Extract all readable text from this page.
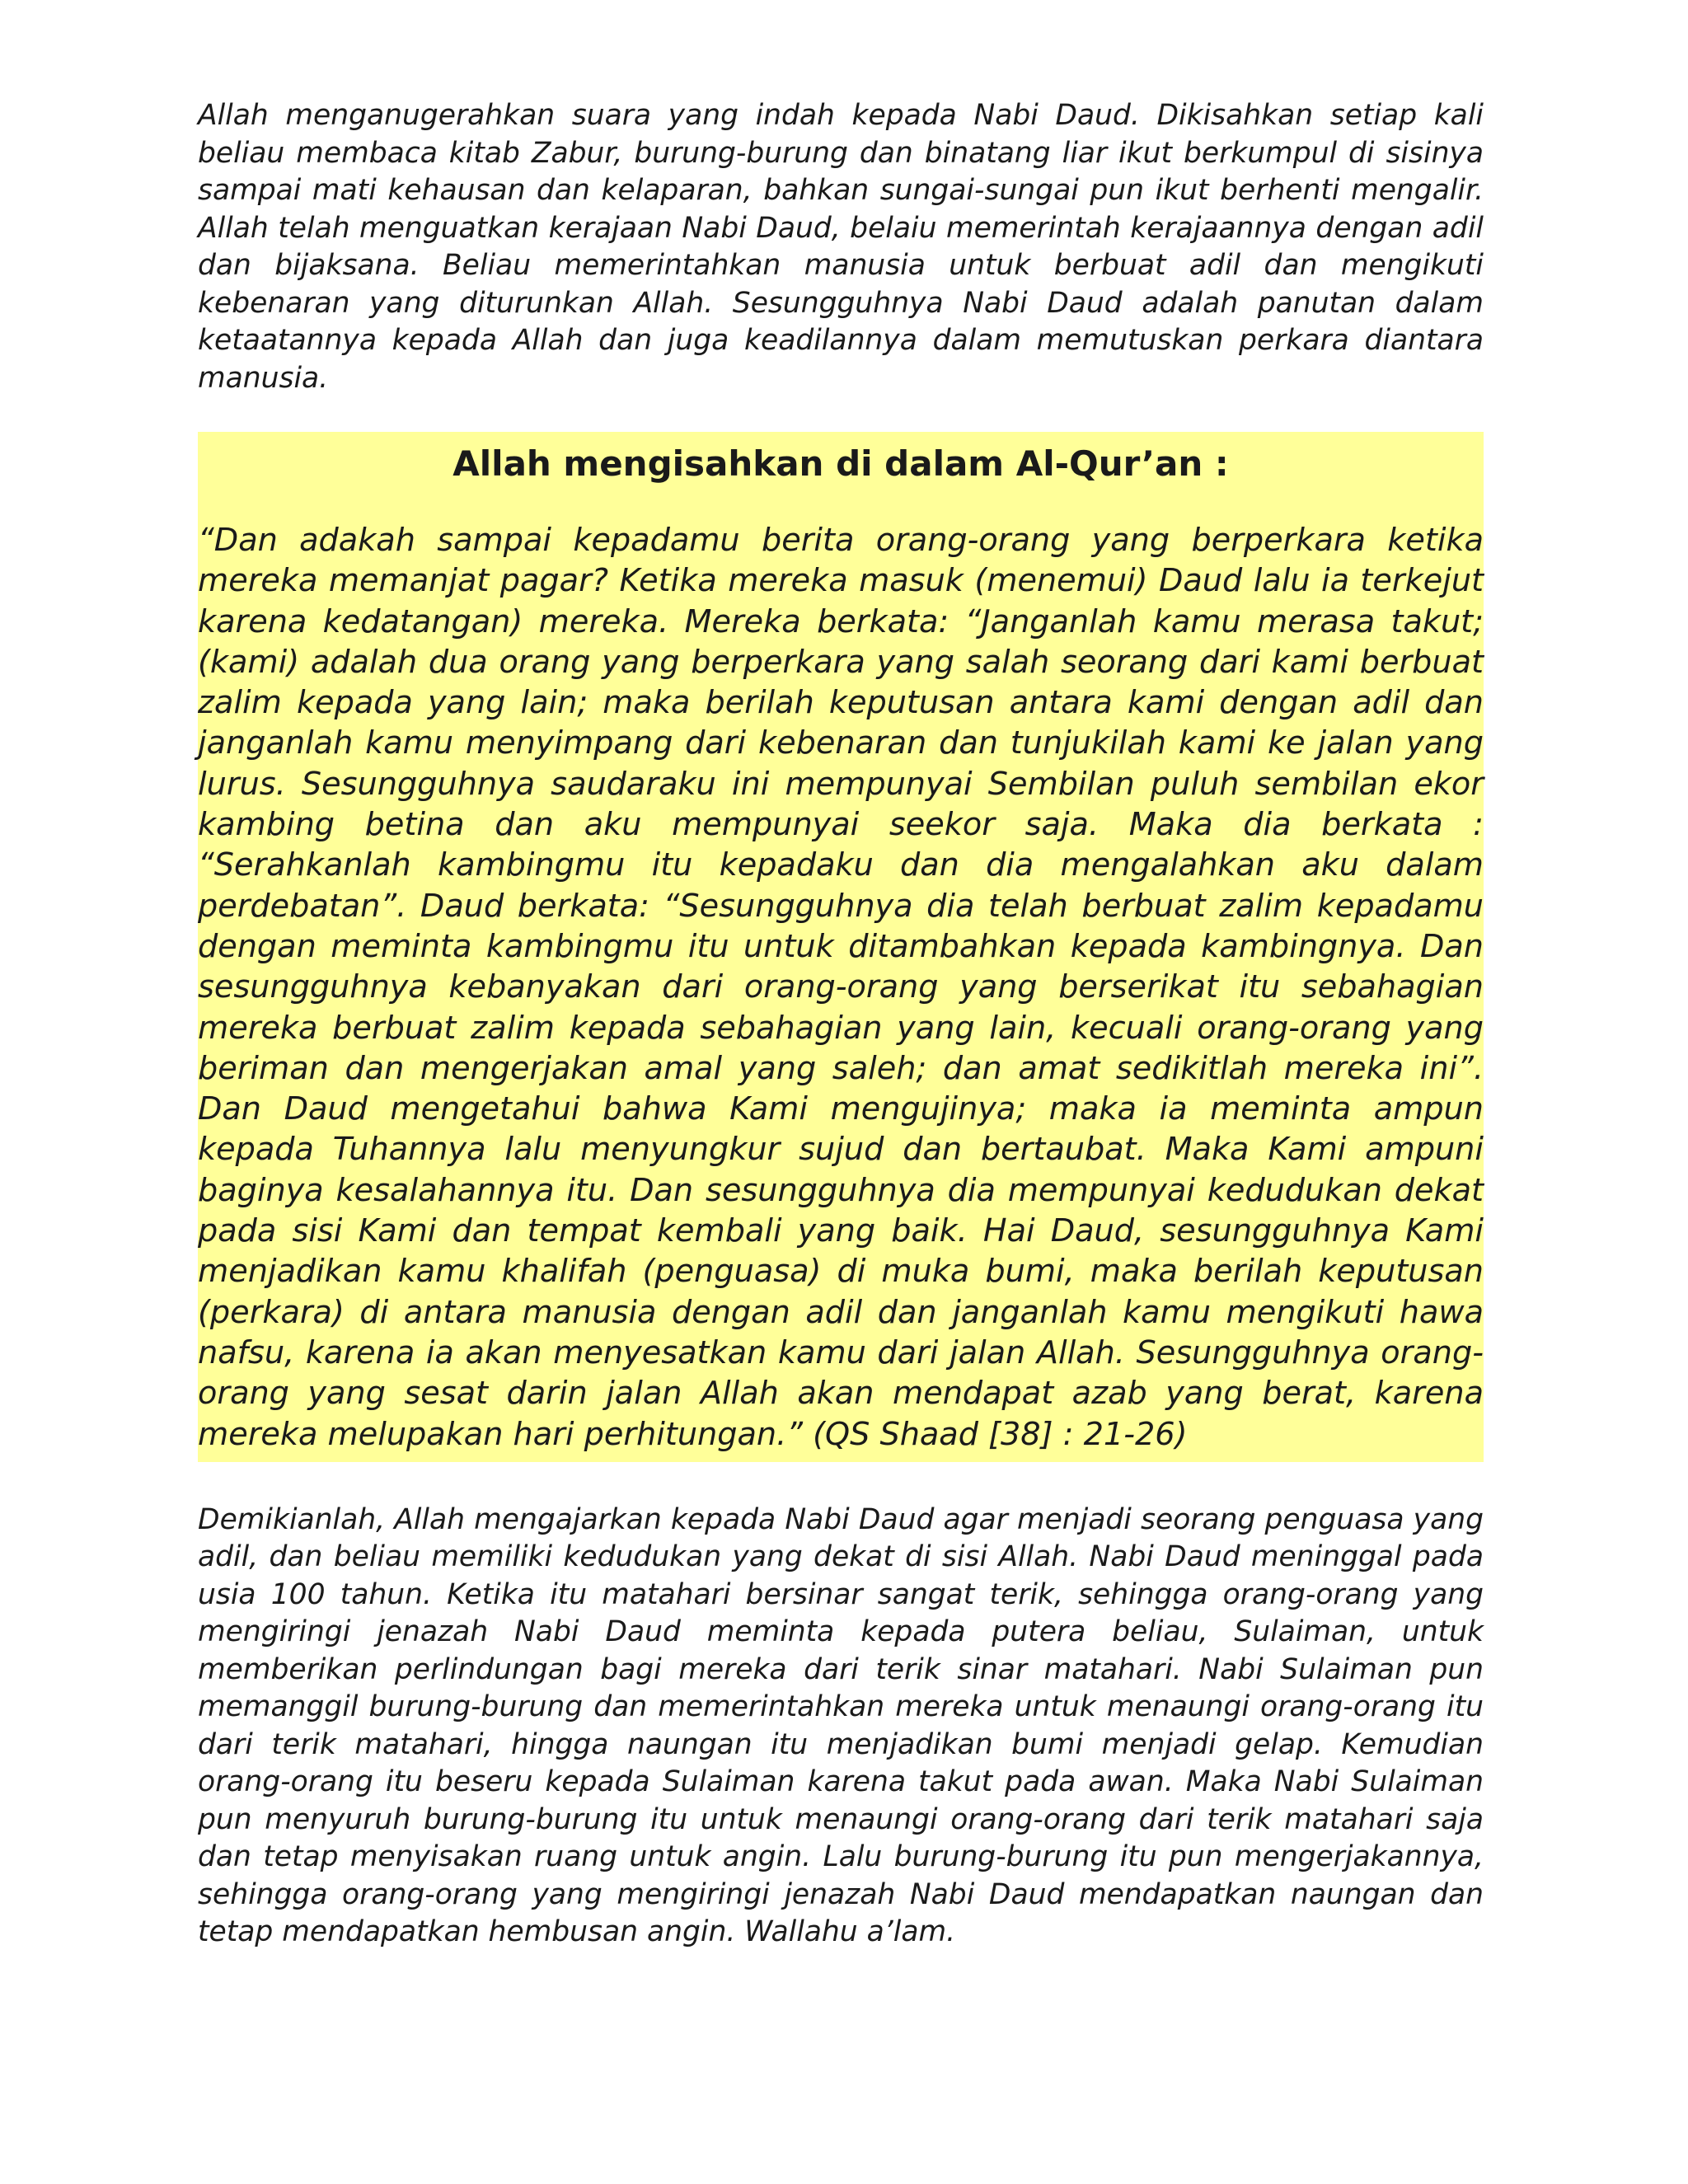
Allah menganugerahkan suara yang indah kepada Nabi Daud. Dikisahkan setiap kali beliau membaca kitab Zabur, burung-burung dan binatang liar ikut berkumpul di sisinya sampai mati kehausan dan kelaparan, bahkan sungai-sungai pun ikut berhenti mengalir. Allah telah menguatkan kerajaan Nabi Daud, belaiu memerintah kerajaannya dengan adil dan bijaksana. Beliau memerintahkan manusia untuk berbuat adil dan mengikuti kebenaran yang diturunkan Allah. Sesungguhnya Nabi Daud adalah panutan dalam ketaatannya kepada Allah dan juga keadilannya dalam memutuskan perkara diantara manusia.

Allah mengisahkan di dalam Al-Qur’an :

“Dan adakah sampai kepadamu berita orang-orang yang berperkara ketika mereka memanjat pagar? Ketika mereka masuk (menemui) Daud lalu ia terkejut karena kedatangan) mereka. Mereka berkata: “Janganlah kamu merasa takut; (kami) adalah dua orang yang berperkara yang salah seorang dari kami berbuat zalim kepada yang lain; maka berilah keputusan antara kami dengan adil dan janganlah kamu menyimpang dari kebenaran dan tunjukilah kami ke jalan yang lurus. Sesungguhnya saudaraku ini mempunyai Sembilan puluh sembilan ekor kambing betina dan aku mempunyai seekor saja. Maka dia berkata : “Serahkanlah kambingmu itu kepadaku dan dia mengalahkan aku dalam perdebatan”. Daud berkata: “Sesungguhnya dia telah berbuat zalim kepadamu dengan meminta kambingmu itu untuk ditambahkan kepada kambingnya. Dan sesungguhnya kebanyakan dari orang-orang yang berserikat itu sebahagian mereka berbuat zalim kepada sebahagian yang lain, kecuali orang-orang yang beriman dan mengerjakan amal yang saleh; dan amat sedikitlah mereka ini”. Dan Daud mengetahui bahwa Kami mengujinya; maka ia meminta ampun kepada Tuhannya lalu menyungkur sujud dan bertaubat. Maka Kami ampuni baginya kesalahannya itu. Dan sesungguhnya dia mempunyai kedudukan dekat pada sisi Kami dan tempat kembali yang baik. Hai Daud, sesungguhnya Kami menjadikan kamu khalifah (penguasa) di muka bumi, maka berilah keputusan (perkara) di antara manusia dengan adil dan janganlah kamu mengikuti hawa nafsu, karena ia akan menyesatkan kamu dari jalan Allah. Sesungguhnya orang-orang yang sesat darin jalan Allah akan mendapat azab yang berat, karena mereka melupakan hari perhitungan.” (QS Shaad [38] : 21-26)

Demikianlah, Allah mengajarkan kepada Nabi Daud agar menjadi seorang penguasa yang adil, dan beliau memiliki kedudukan yang dekat di sisi Allah. Nabi Daud meninggal pada usia 100 tahun. Ketika itu matahari bersinar sangat terik, sehingga orang-orang yang mengiringi jenazah Nabi Daud meminta kepada putera beliau, Sulaiman, untuk memberikan perlindungan bagi mereka dari terik sinar matahari. Nabi Sulaiman pun memanggil burung-burung dan memerintahkan mereka untuk menaungi orang-orang itu dari terik matahari, hingga naungan itu menjadikan bumi menjadi gelap. Kemudian orang-orang itu beseru kepada Sulaiman karena takut pada awan. Maka Nabi Sulaiman pun menyuruh burung-burung itu untuk menaungi orang-orang dari terik matahari saja dan tetap menyisakan ruang untuk angin. Lalu burung-burung itu pun mengerjakannya, sehingga orang-orang yang mengiringi jenazah Nabi Daud mendapatkan naungan dan tetap mendapatkan hembusan angin. Wallahu a’lam.
